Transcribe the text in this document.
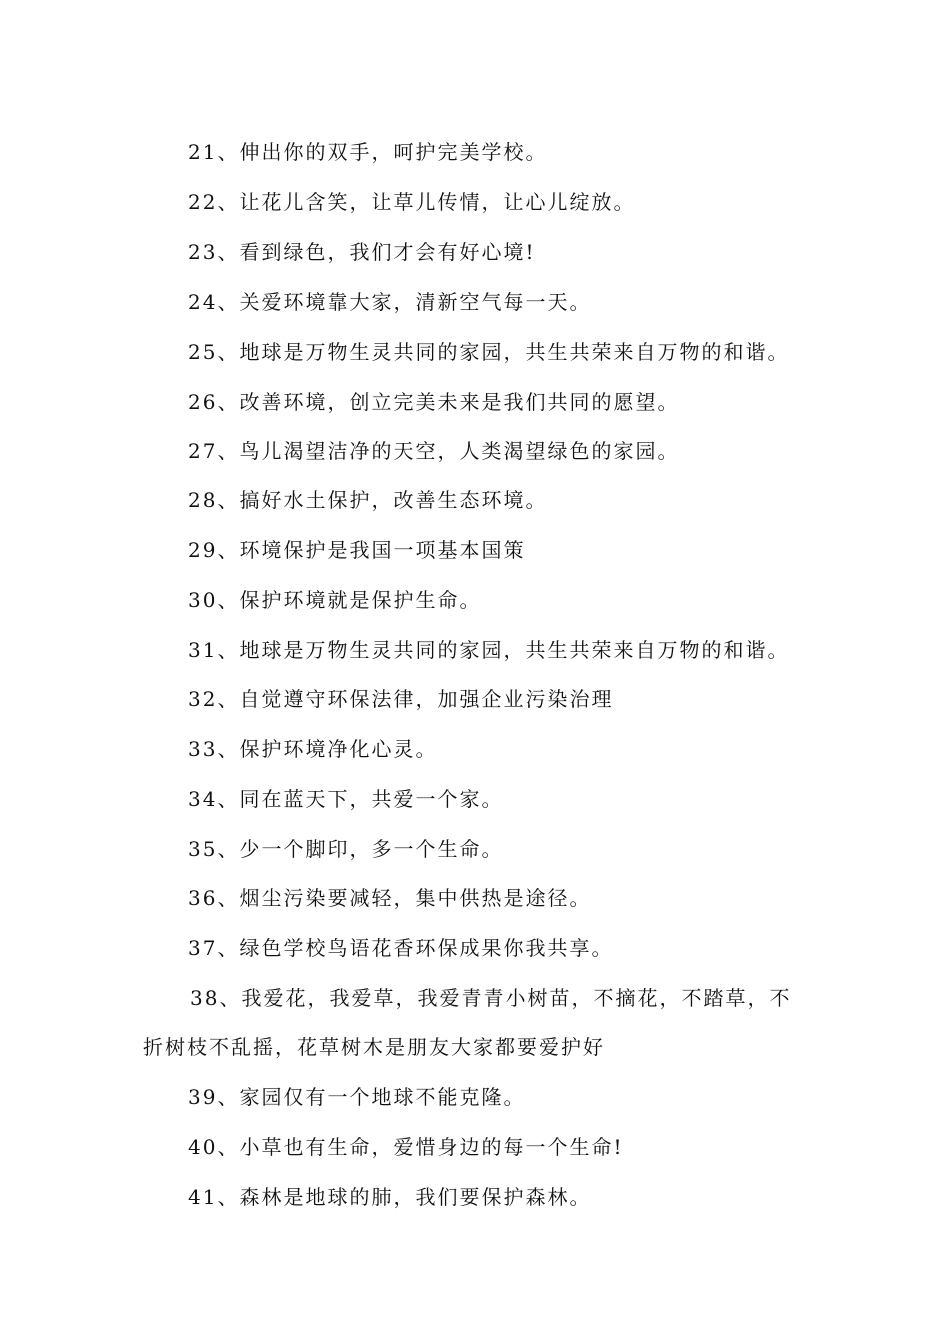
21、伸出你的双手，呵护完美学校。
22、让花儿含笑，让草儿传情，让心儿绽放。
23、看到绿色，我们才会有好心境!
24、关爱环境靠大家，清新空气每一天。
25、地球是万物生灵共同的家园，共生共荣来自万物的和谐。
26、改善环境，创立完美未来是我们共同的愿望。
27、鸟儿渴望洁净的天空，人类渴望绿色的家园。
28、搞好水土保护，改善生态环境。
29、环境保护是我国一项基本国策
30、保护环境就是保护生命。
31、地球是万物生灵共同的家园，共生共荣来自万物的和谐。
32、自觉遵守环保法律，加强企业污染治理
33、保护环境净化心灵。
34、同在蓝天下，共爱一个家。
35、少一个脚印，多一个生命。
36、烟尘污染要减轻，集中供热是途径。
37、绿色学校鸟语花香环保成果你我共享。
38、我爱花，我爱草，我爱青青小树苗，不摘花，不踏草，不
折树枝不乱摇，花草树木是朋友大家都要爱护好
39、家园仅有一个地球不能克隆。
40、小草也有生命，爱惜身边的每一个生命!
41、森林是地球的肺，我们要保护森林。
